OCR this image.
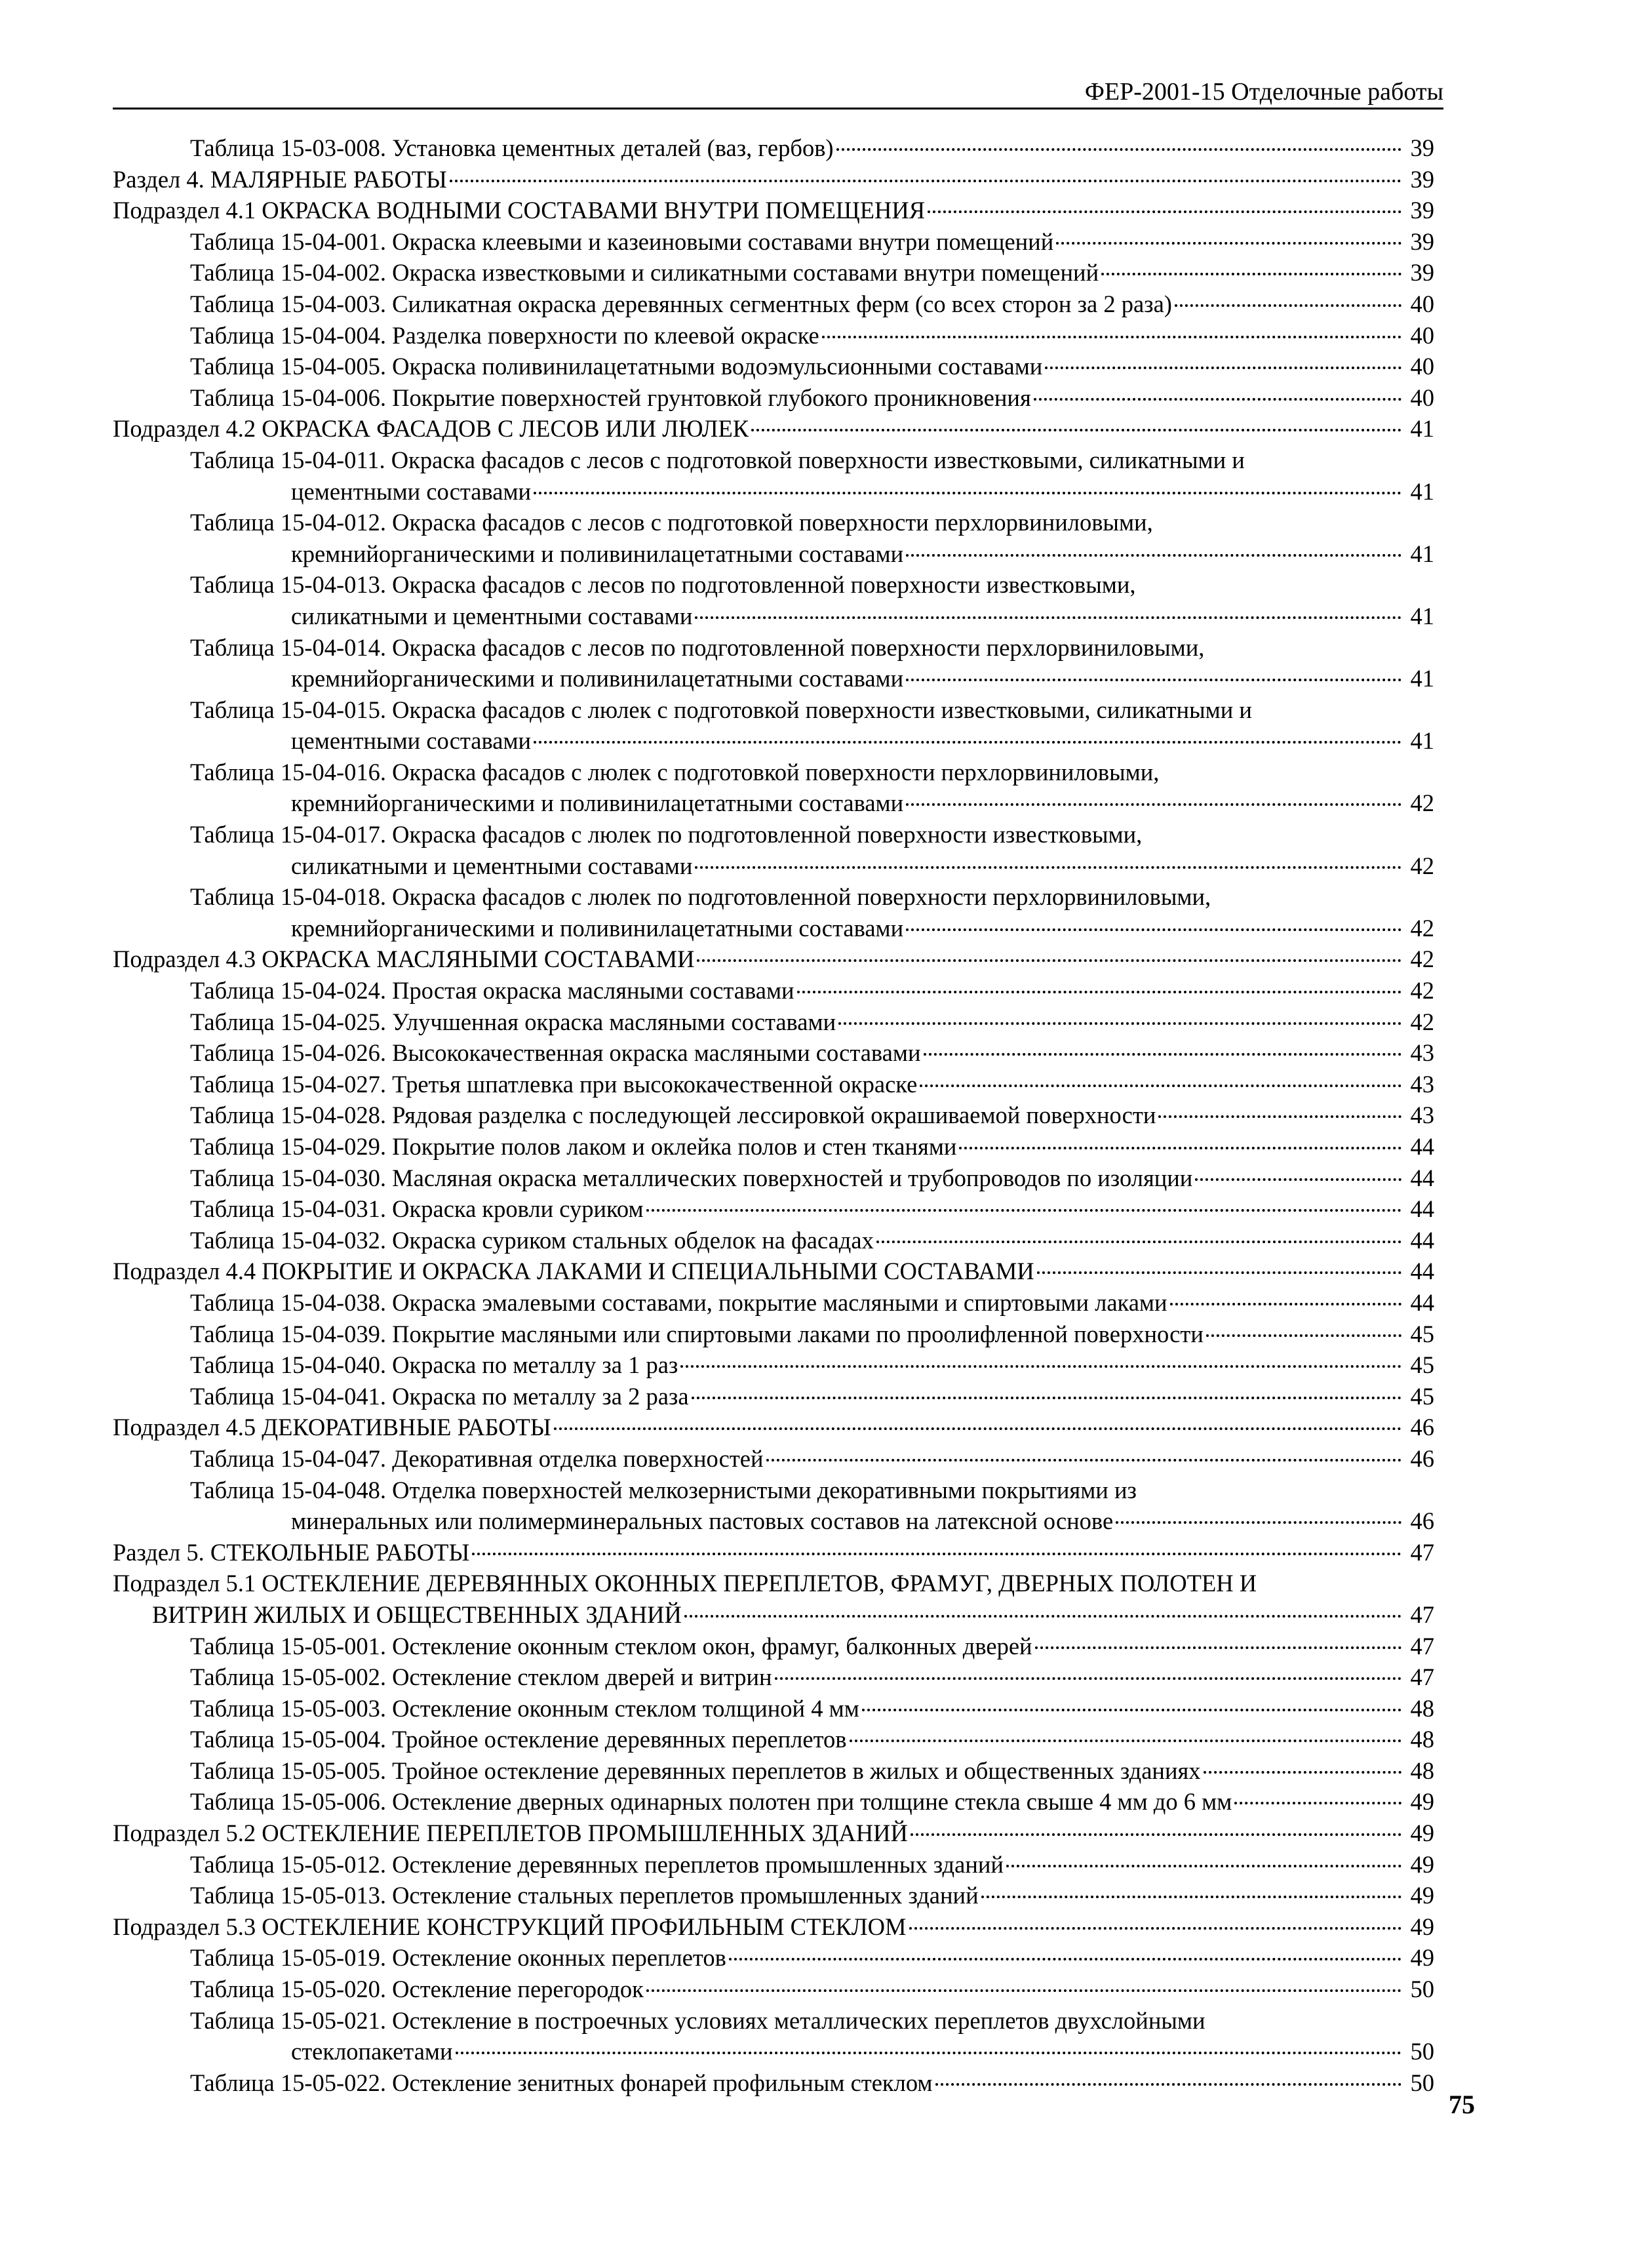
ФЕР-2001-15 Отделочные работы
Таблица 15-03-008. Установка цементных деталей (ваз, гербов)	39
Раздел 4. МАЛЯРНЫЕ РАБОТЫ	39
Подраздел 4.1 ОКРАСКА ВОДНЫМИ СОСТАВАМИ ВНУТРИ ПОМЕЩЕНИЯ	39
Таблица 15-04-001. Окраска клеевыми и казеиновыми составами внутри помещений	39
Таблица 15-04-002. Окраска известковыми и силикатными составами внутри помещений	39
Таблица 15-04-003. Силикатная окраска деревянных сегментных ферм (со всех сторон за 2 раза)	40
Таблица 15-04-004. Разделка поверхности по клеевой окраске	40
Таблица 15-04-005. Окраска поливинилацетатными водоэмульсионными составами	40
Таблица 15-04-006. Покрытие поверхностей грунтовкой глубокого проникновения	40
Подраздел 4.2 ОКРАСКА ФАСАДОВ С ЛЕСОВ ИЛИ ЛЮЛЕК	41
Таблица 15-04-011. Окраска фасадов с лесов с подготовкой поверхности известковыми, силикатными и
цементными составами	41
Таблица 15-04-012. Окраска фасадов с лесов с подготовкой поверхности перхлорвиниловыми,
кремнийорганическими и поливинилацетатными составами	41
Таблица 15-04-013. Окраска фасадов с лесов по подготовленной поверхности известковыми,
силикатными и цементными составами	41
Таблица 15-04-014. Окраска фасадов с лесов по подготовленной поверхности перхлорвиниловыми,
кремнийорганическими и поливинилацетатными составами	41
Таблица 15-04-015. Окраска фасадов с люлек с подготовкой поверхности известковыми, силикатными и
цементными составами	41
Таблица 15-04-016. Окраска фасадов с люлек с подготовкой поверхности перхлорвиниловыми,
кремнийорганическими и поливинилацетатными составами	42
Таблица 15-04-017. Окраска фасадов с люлек по подготовленной поверхности известковыми,
силикатными и цементными составами	42
Таблица 15-04-018. Окраска фасадов с люлек по подготовленной поверхности перхлорвиниловыми,
кремнийорганическими и поливинилацетатными составами	42
Подраздел 4.3 ОКРАСКА МАСЛЯНЫМИ СОСТАВАМИ	42
Таблица 15-04-024. Простая окраска масляными составами	42
Таблица 15-04-025. Улучшенная окраска масляными составами	42
Таблица 15-04-026. Высококачественная окраска масляными составами	43
Таблица 15-04-027. Третья шпатлевка при высококачественной окраске	43
Таблица 15-04-028. Рядовая разделка с последующей лессировкой окрашиваемой поверхности	43
Таблица 15-04-029. Покрытие полов лаком и оклейка полов и стен тканями	44
Таблица 15-04-030. Масляная окраска металлических поверхностей и трубопроводов по изоляции	44
Таблица 15-04-031. Окраска кровли суриком	44
Таблица 15-04-032. Окраска суриком стальных обделок на фасадах	44
Подраздел 4.4 ПОКРЫТИЕ И ОКРАСКА ЛАКАМИ И СПЕЦИАЛЬНЫМИ СОСТАВАМИ	44
Таблица 15-04-038. Окраска эмалевыми составами, покрытие масляными и спиртовыми лаками	44
Таблица 15-04-039. Покрытие масляными или спиртовыми лаками по проолифленной поверхности	45
Таблица 15-04-040. Окраска по металлу за 1 раз	45
Таблица 15-04-041. Окраска по металлу за 2 раза	45
Подраздел 4.5 ДЕКОРАТИВНЫЕ РАБОТЫ	46
Таблица 15-04-047. Декоративная отделка поверхностей	46
Таблица 15-04-048. Отделка поверхностей мелкозернистыми декоративными покрытиями из
минеральных или полимерминеральных пастовых составов на латексной основе	46
Раздел 5. СТЕКОЛЬНЫЕ РАБОТЫ	47
Подраздел 5.1 ОСТЕКЛЕНИЕ ДЕРЕВЯННЫХ ОКОННЫХ ПЕРЕПЛЕТОВ, ФРАМУГ, ДВЕРНЫХ ПОЛОТЕН И
ВИТРИН ЖИЛЫХ И ОБЩЕСТВЕННЫХ ЗДАНИЙ	47
Таблица 15-05-001. Остекление оконным стеклом окон, фрамуг, балконных дверей	47
Таблица 15-05-002. Остекление стеклом дверей и витрин	47
Таблица 15-05-003. Остекление оконным стеклом толщиной 4 мм	48
Таблица 15-05-004. Тройное остекление деревянных переплетов	48
Таблица 15-05-005. Тройное остекление деревянных переплетов в жилых и общественных зданиях	48
Таблица 15-05-006. Остекление дверных одинарных полотен при толщине стекла свыше 4 мм до 6 мм	49
Подраздел 5.2 ОСТЕКЛЕНИЕ ПЕРЕПЛЕТОВ ПРОМЫШЛЕННЫХ ЗДАНИЙ	49
Таблица 15-05-012. Остекление деревянных переплетов промышленных зданий	49
Таблица 15-05-013. Остекление стальных переплетов промышленных зданий	49
Подраздел 5.3 ОСТЕКЛЕНИЕ КОНСТРУКЦИЙ ПРОФИЛЬНЫМ СТЕКЛОМ	49
Таблица 15-05-019. Остекление оконных переплетов	49
Таблица 15-05-020. Остекление перегородок	50
Таблица 15-05-021. Остекление в построечных условиях металлических переплетов двухслойными
стеклопакетами	50
Таблица 15-05-022. Остекление зенитных фонарей профильным стеклом	50
75
